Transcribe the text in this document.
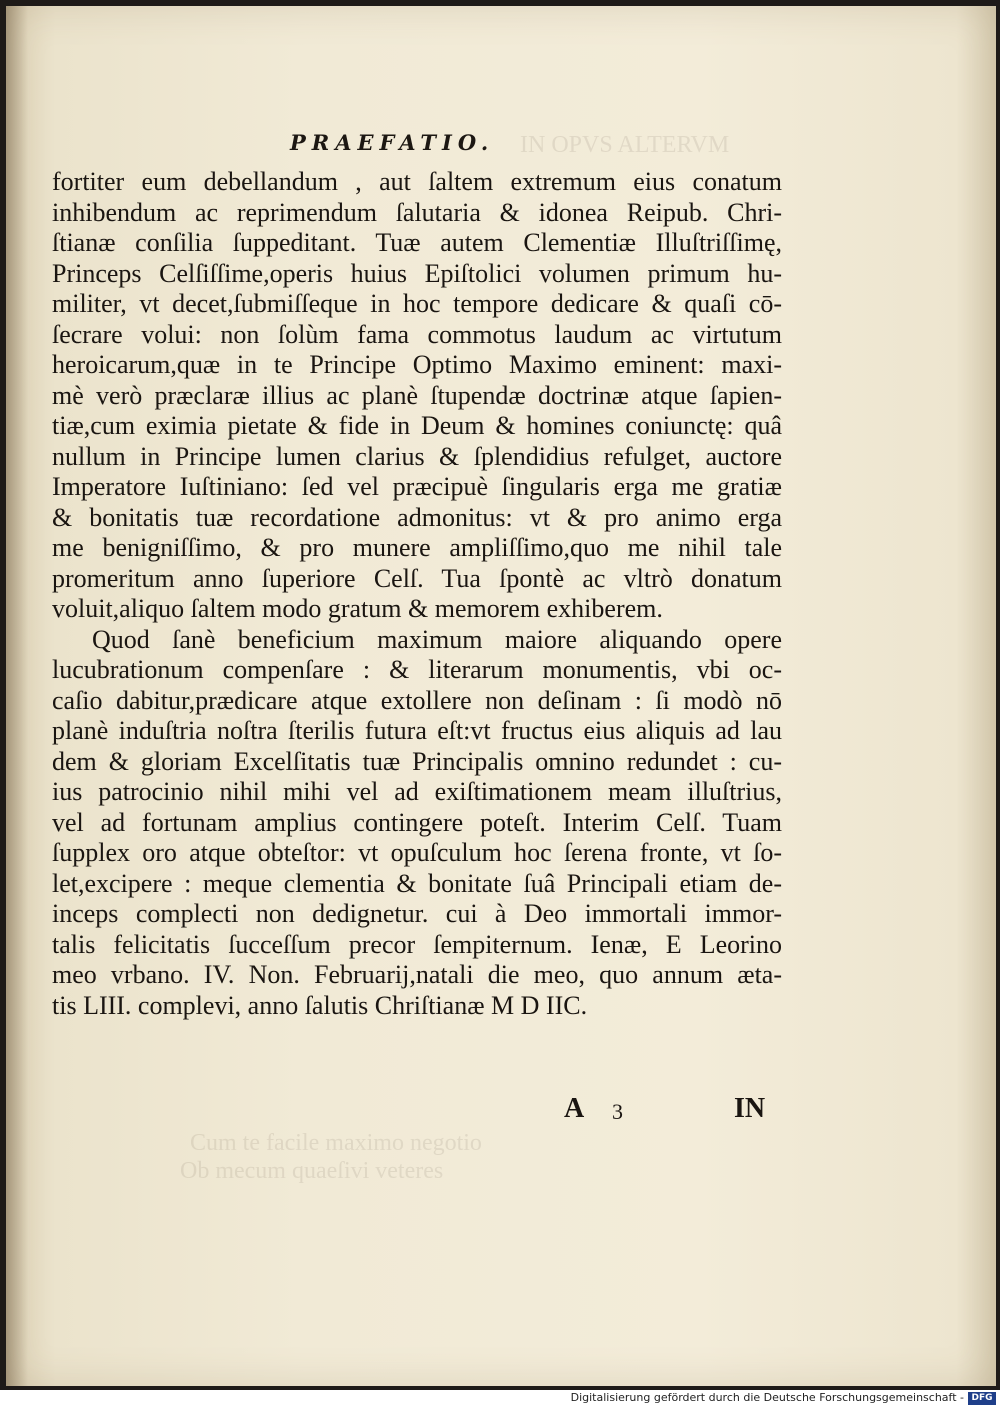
IN OPVS ALTERVM
PRAEFATIO.
fortiter eum debellandum , aut ſaltem extremum eius conatum
inhibendum ac reprimendum ſalutaria & idonea Reipub. Chri-
ſtianæ conſilia ſuppeditant. Tuæ autem Clementiæ Illuſtriſſimę,
Princeps Celſiſſime,operis huius Epiſtolici volumen primum hu-
militer, vt decet,ſubmiſſeque in hoc tempore dedicare & quaſi cō-
ſecrare volui: non ſolùm fama commotus laudum ac virtutum
heroicarum,quæ in te Principe Optimo Maximo eminent: maxi-
mè verò præclaræ illius ac planè ſtupendæ doctrinæ atque ſapien-
tiæ,cum eximia pietate & fide in Deum & homines coniunctę: quâ
nullum in Principe lumen clarius & ſplendidius refulget, auctore
Imperatore Iuſtiniano: ſed vel præcipuè ſingularis erga me gratiæ
& bonitatis tuæ recordatione admonitus: vt & pro animo erga
me benigniſſimo, & pro munere ampliſſimo,quo me nihil tale
promeritum anno ſuperiore Celſ. Tua ſpontè ac vltrò donatum
voluit,aliquo ſaltem modo gratum & memorem exhiberem.
Quod ſanè beneficium maximum maiore aliquando opere
lucubrationum compenſare : & literarum monumentis, vbi oc-
caſio dabitur,prædicare atque extollere non deſinam : ſi modò nō
planè induſtria noſtra ſterilis futura eſt:vt fructus eius aliquis ad lau
dem & gloriam Excelſitatis tuæ Principalis omnino redundet : cu-
ius patrocinio nihil mihi vel ad exiſtimationem meam illuſtrius,
vel ad fortunam amplius contingere poteſt. Interim Celſ. Tuam
ſupplex oro atque obteſtor: vt opuſculum hoc ſerena fronte, vt ſo-
let,excipere : meque clementia & bonitate ſuâ Principali etiam de-
inceps complecti non dedignetur. cui à Deo immortali immor-
talis felicitatis ſucceſſum precor ſempiternum. Ienæ, E Leorino
meo vrbano. IV. Non. Februarij,natali die meo, quo annum æta-
tis LIII. complevi, anno ſalutis Chriſtianæ M D IIC.
Cum te facile maximo negotio
Ob mecum quaeſivi veteres
A 3	IN
Digitalisierung gefördert durch die Deutsche Forschungsgemeinschaft - DFG
